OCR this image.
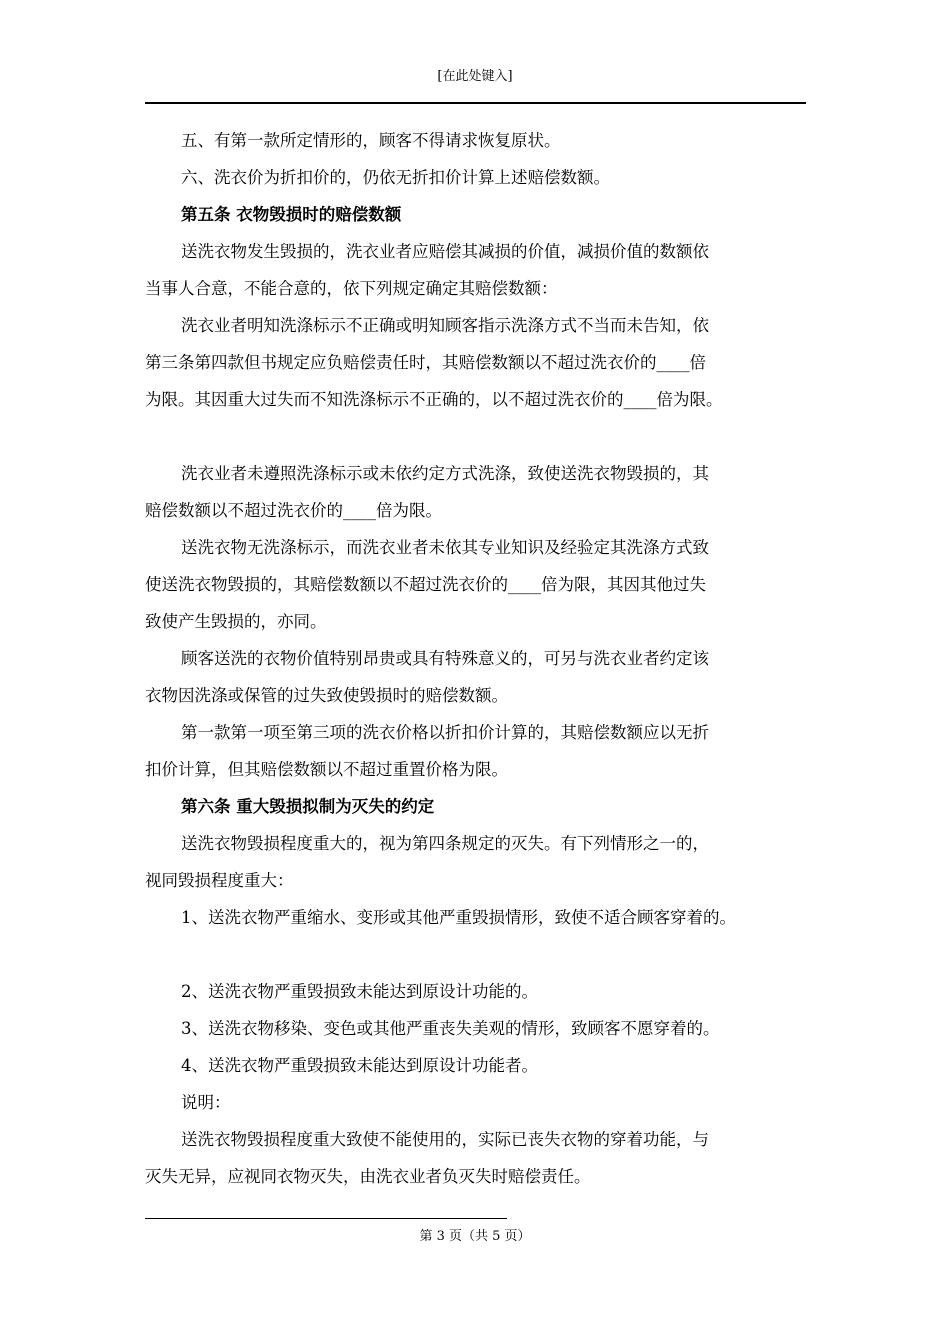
[在此处键入]

五、有第一款所定情形的，顾客不得请求恢复原状。

六、洗衣价为折扣价的，仍依无折扣价计算上述赔偿数额。

第五条 衣物毁损时的赔偿数额

送洗衣物发生毁损的，洗衣业者应赔偿其减损的价值，减损价值的数额依

当事人合意，不能合意的，依下列规定确定其赔偿数额：

洗衣业者明知洗涤标示不正确或明知顾客指示洗涤方式不当而未告知，依

第三条第四款但书规定应负赔偿责任时，其赔偿数额以不超过洗衣价的____倍

为限。其因重大过失而不知洗涤标示不正确的，以不超过洗衣价的____倍为限。

洗衣业者未遵照洗涤标示或未依约定方式洗涤，致使送洗衣物毁损的，其

赔偿数额以不超过洗衣价的____倍为限。

送洗衣物无洗涤标示，而洗衣业者未依其专业知识及经验定其洗涤方式致

使送洗衣物毁损的，其赔偿数额以不超过洗衣价的____倍为限，其因其他过失

致使产生毁损的，亦同。

顾客送洗的衣物价值特别昂贵或具有特殊意义的，可另与洗衣业者约定该

衣物因洗涤或保管的过失致使毁损时的赔偿数额。

第一款第一项至第三项的洗衣价格以折扣价计算的，其赔偿数额应以无折

扣价计算，但其赔偿数额以不超过重置价格为限。

第六条 重大毁损拟制为灭失的约定

送洗衣物毁损程度重大的，视为第四条规定的灭失。有下列情形之一的，

视同毁损程度重大：

1、送洗衣物严重缩水、变形或其他严重毁损情形，致使不适合顾客穿着的。

2、送洗衣物严重毁损致未能达到原设计功能的。

3、送洗衣物移染、变色或其他严重丧失美观的情形，致顾客不愿穿着的。

4、送洗衣物严重毁损致未能达到原设计功能者。

说明：

送洗衣物毁损程度重大致使不能使用的，实际已丧失衣物的穿着功能，与

灭失无异，应视同衣物灭失，由洗衣业者负灭失时赔偿责任。

第 3 页（共 5 页）
